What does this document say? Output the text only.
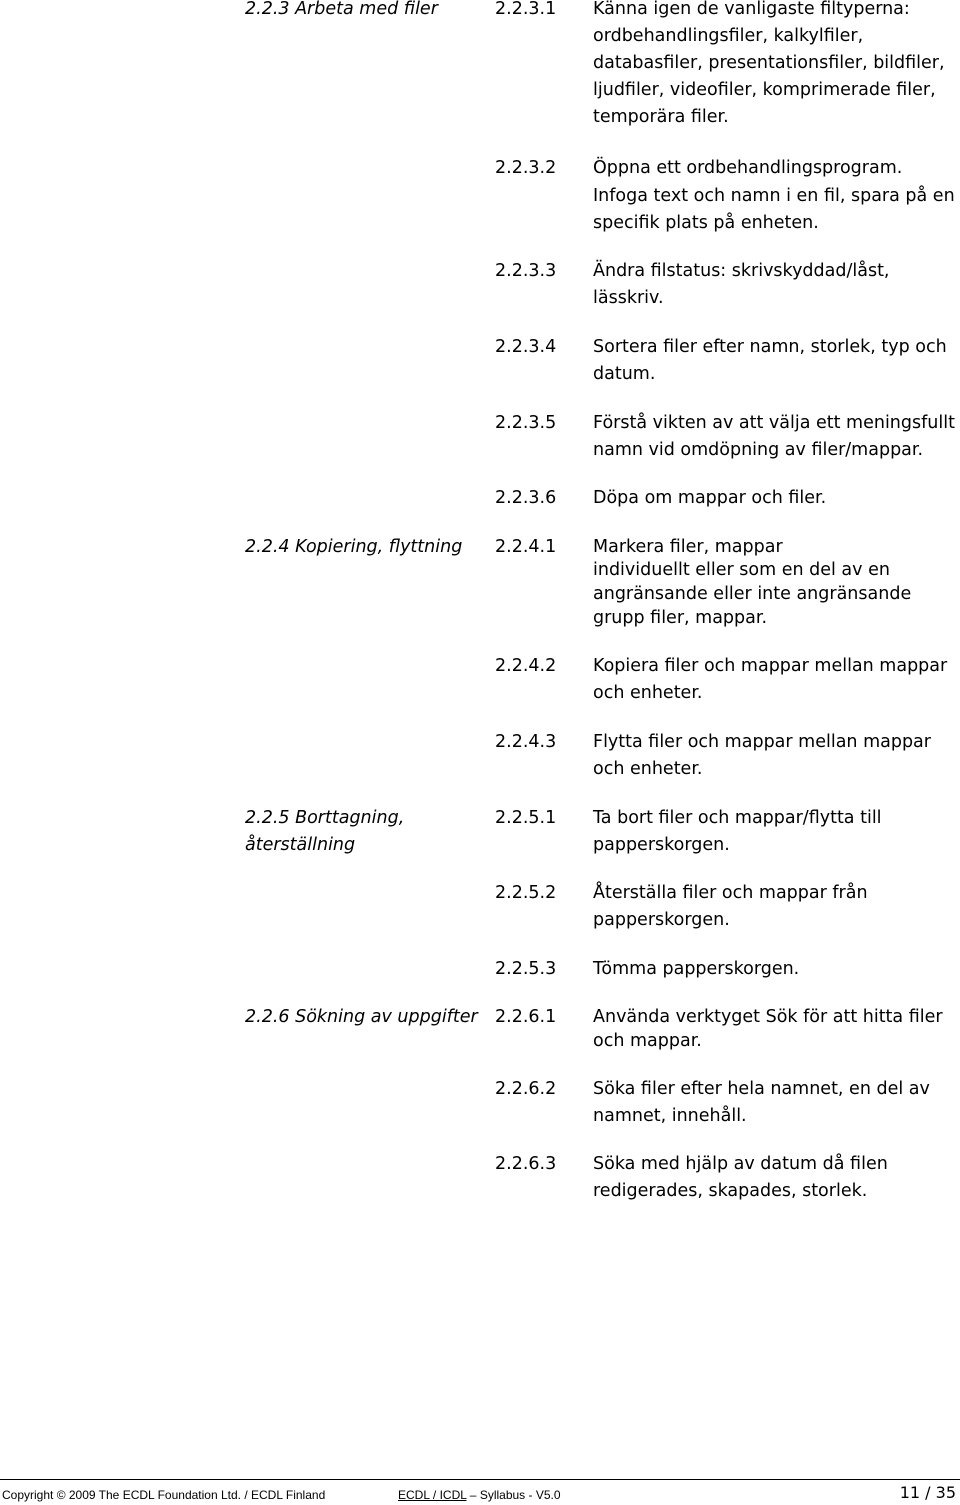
2.2.3 Arbeta med filer

2.2.4 Kopiering, flyttning

2.2.5 Borttagning,

återställning

2.2.6 Sökning av uppgifter

2.2.3.1 Känna igen de vanligaste filtyperna:

ordbehandlingsfiler, kalkylfiler,

databasfiler, presentationsfiler, bildfiler,

ljudfiler, videofiler, komprimerade filer,

temporära filer.

2.2.3.2 Öppna ett ordbehandlingsprogram.

Infoga text och namn i en fil, spara på en

specifik plats på enheten.

2.2.3.3 Ändra filstatus: skrivskyddad/låst,

lässkriv.

2.2.3.4 Sortera filer efter namn, storlek, typ och

datum.

2.2.3.5 Förstå vikten av att välja ett meningsfullt

namn vid omdöpning av filer/mappar.

2.2.3.6 Döpa om mappar och filer.

2.2.4.1 Markera filer, mappar

individuellt eller som en del av en

angränsande eller inte angränsande

grupp filer, mappar.

2.2.4.2 Kopiera filer och mappar mellan mappar

och enheter.

2.2.4.3 Flytta filer och mappar mellan mappar

och enheter.

2.2.5.1 Ta bort filer och mappar/flytta till

papperskorgen.

2.2.5.2 Återställa filer och mappar från

papperskorgen.

2.2.5.3 Tömma papperskorgen.

2.2.6.1 Använda verktyget Sök för att hitta filer

och mappar.

2.2.6.2 Söka filer efter hela namnet, en del av

namnet, innehåll.

2.2.6.3 Söka med hjälp av datum då filen

redigerades, skapades, storlek.

Copyright © 2009 The ECDL Foundation Ltd. / ECDL Finland	ECDL / ICDL – Syllabus - V5.0	11 / 35
